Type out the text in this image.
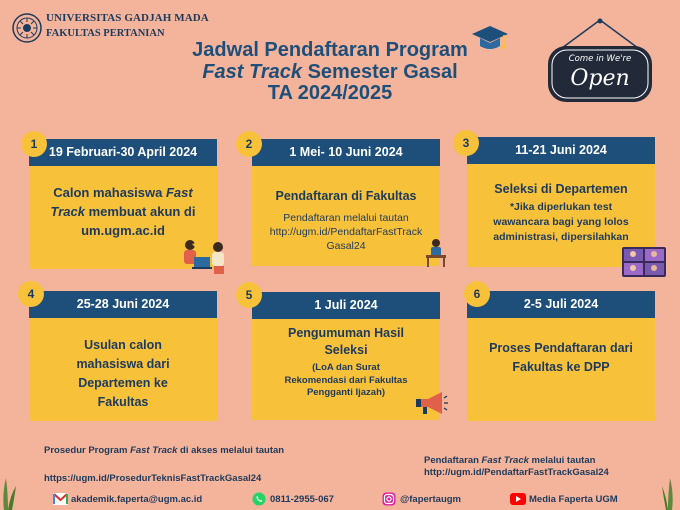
UNIVERSITAS GADJAH MADA
FAKULTAS PERTANIAN
Jadwal Pendaftaran Program
Fast Track Semester Gasal
TA 2024/2025
Come in We're
Open
19 Februari-30 April 2024
Calon mahasiswa Fast Track membuat akun di um.ugm.ac.id
1
1 Mei- 10 Juni 2024
Pendaftaran di Fakultas
Pendaftaran melalui tautan http://ugm.id/PendaftarFastTrack Gasal24
2	11-21 Juni 2024
Seleksi di Departemen
*Jika diperlukan test wawancara bagi yang lolos administrasi, dipersilahkan
3
25-28 Juni 2024
Usulan calon mahasiswa dari Departemen ke Fakultas
4
1 Juli 2024
Pengumuman Hasil Seleksi
(LoA dan Surat Rekomendasi dari Fakultas Pengganti Ijazah)
5
2-5 Juli 2024
Proses Pendaftaran dari Fakultas ke DPP
6
Prosedur Program Fast Track di akses melalui tautan
https://ugm.id/ProsedurTeknisFastTrackGasal24
Pendaftaran Fast Track melalui tautan
http://ugm.id/PendaftarFastTrackGasal24
akademik.faperta@ugm.ac.id	0811-2955-067	@fapertaugm	Media Faperta UGM
